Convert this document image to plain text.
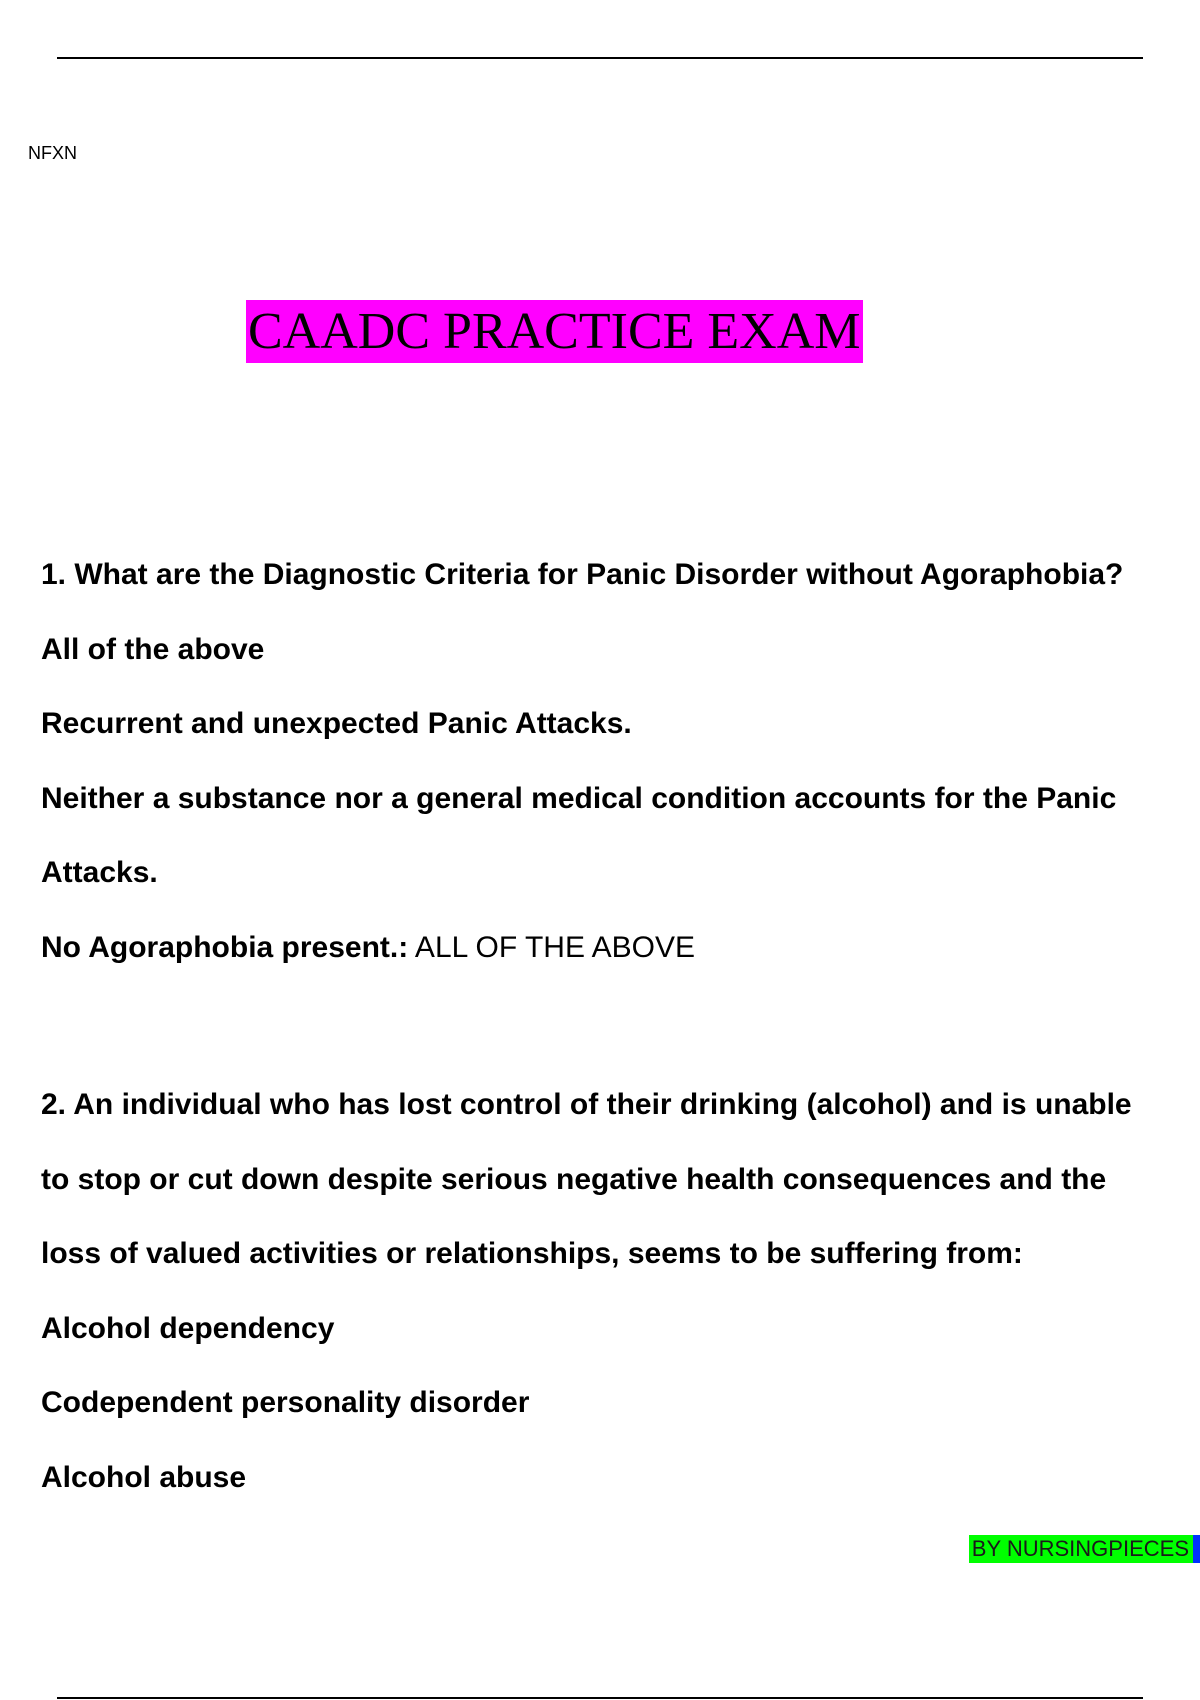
NFXN
CAADC PRACTICE EXAM
1. What are the Diagnostic Criteria for Panic Disorder without Agoraphobia?
All of the above
Recurrent and unexpected Panic Attacks.
Neither a substance nor a general medical condition accounts for the Panic
Attacks.
No Agoraphobia present.: ALL OF THE ABOVE
2. An individual who has lost control of their drinking (alcohol) and is unable
to stop or cut down despite serious negative health consequences and the
loss of valued activities or relationships, seems to be suffering from:
Alcohol dependency
Codependent personality disorder
Alcohol abuse
BY NURSINGPIECES
